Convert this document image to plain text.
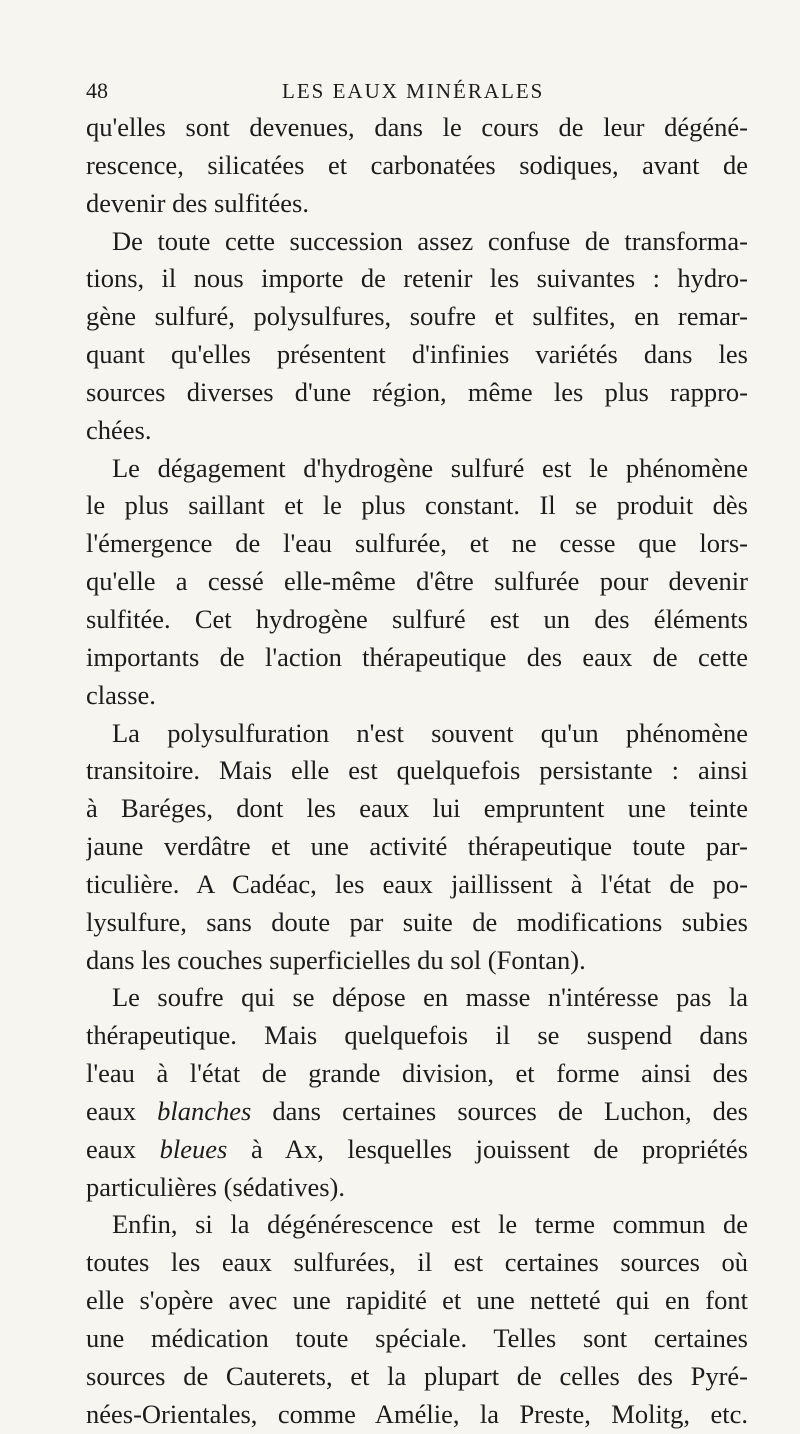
48	LES EAUX MINÉRALES
qu'elles sont devenues, dans le cours de leur dégéné-
rescence, silicatées et carbonatées sodiques, avant de
devenir des sulfitées.
De toute cette succession assez confuse de transforma-
tions, il nous importe de retenir les suivantes : hydro-
gène sulfuré, polysulfures, soufre et sulfites, en remar-
quant qu'elles présentent d'infinies variétés dans les
sources diverses d'une région, même les plus rappro-
chées.
Le dégagement d'hydrogène sulfuré est le phénomène
le plus saillant et le plus constant. Il se produit dès
l'émergence de l'eau sulfurée, et ne cesse que lors-
qu'elle a cessé elle-même d'être sulfurée pour devenir
sulfitée. Cet hydrogène sulfuré est un des éléments
importants de l'action thérapeutique des eaux de cette
classe.
La polysulfuration n'est souvent qu'un phénomène
transitoire. Mais elle est quelquefois persistante : ainsi
à Baréges, dont les eaux lui empruntent une teinte
jaune verdâtre et une activité thérapeutique toute par-
ticulière. A Cadéac, les eaux jaillissent à l'état de po-
lysulfure, sans doute par suite de modifications subies
dans les couches superficielles du sol (Fontan).
Le soufre qui se dépose en masse n'intéresse pas la
thérapeutique. Mais quelquefois il se suspend dans
l'eau à l'état de grande division, et forme ainsi des
eaux blanches dans certaines sources de Luchon, des
eaux bleues à Ax, lesquelles jouissent de propriétés
particulières (sédatives).
Enfin, si la dégénérescence est le terme commun de
toutes les eaux sulfurées, il est certaines sources où
elle s'opère avec une rapidité et une netteté qui en font
une médication toute spéciale. Telles sont certaines
sources de Cauterets, et la plupart de celles des Pyré-
nées-Orientales, comme Amélie, la Preste, Molitg, etc.
